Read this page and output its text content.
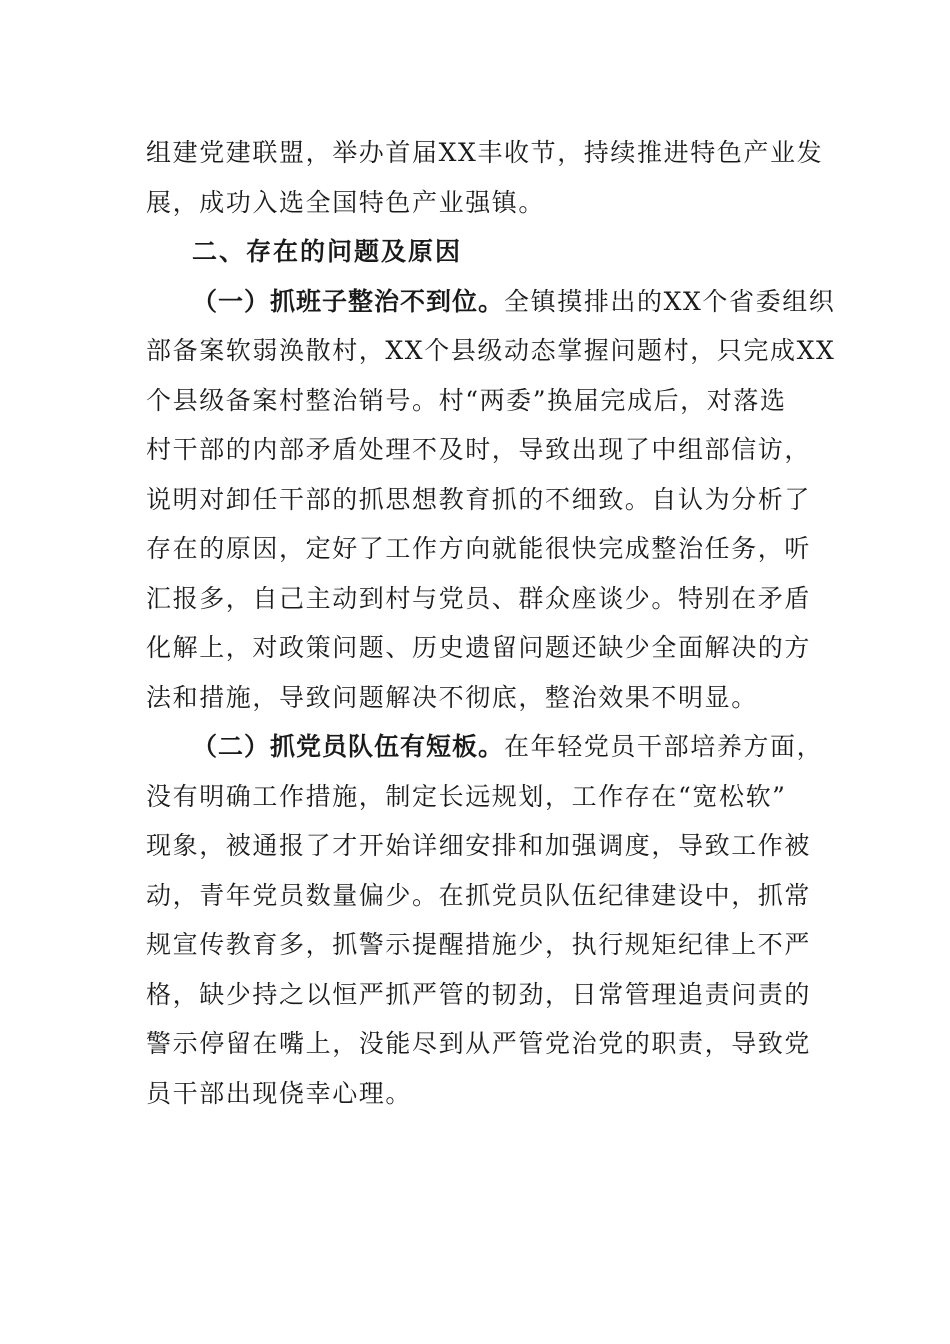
组建党建联盟，举办首届XX丰收节，持续推进特色产业发
展，成功入选全国特色产业强镇。
二、存在的问题及原因
（一）抓班子整治不到位。全镇摸排出的XX个省委组织
部备案软弱涣散村，XX个县级动态掌握问题村，只完成XX
个县级备案村整治销号。村“两委”换届完成后，对落选
村干部的内部矛盾处理不及时，导致出现了中组部信访，
说明对卸任干部的抓思想教育抓的不细致。自认为分析了
存在的原因，定好了工作方向就能很快完成整治任务，听
汇报多，自己主动到村与党员、群众座谈少。特别在矛盾
化解上，对政策问题、历史遗留问题还缺少全面解决的方
法和措施，导致问题解决不彻底，整治效果不明显。
（二）抓党员队伍有短板。在年轻党员干部培养方面，
没有明确工作措施，制定长远规划，工作存在“宽松软”
现象，被通报了才开始详细安排和加强调度，导致工作被
动，青年党员数量偏少。在抓党员队伍纪律建设中，抓常
规宣传教育多，抓警示提醒措施少，执行规矩纪律上不严
格，缺少持之以恒严抓严管的韧劲，日常管理追责问责的
警示停留在嘴上，没能尽到从严管党治党的职责，导致党
员干部出现侥幸心理。
